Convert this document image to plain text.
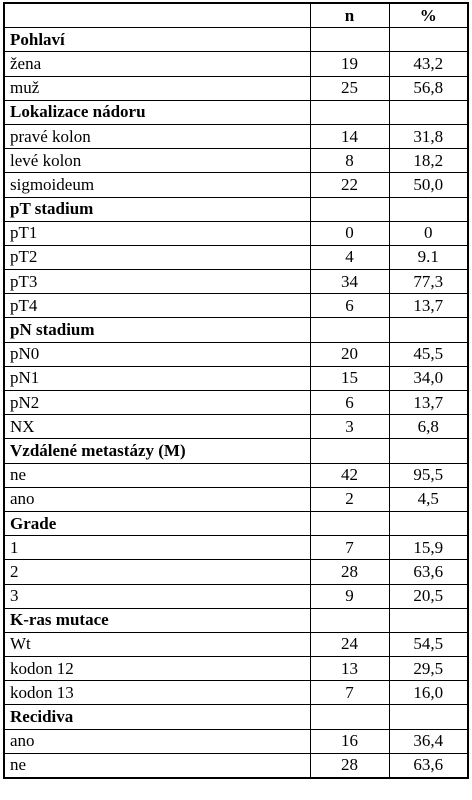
	n	%
Pohlaví		
žena	19	43,2
muž	25	56,8
Lokalizace nádoru		
pravé kolon	14	31,8
levé kolon	8	18,2
sigmoideum	22	50,0
pT stadium		
pT1	0	0
pT2	4	9.1
pT3	34	77,3
pT4	6	13,7
pN stadium		
pN0	20	45,5
pN1	15	34,0
pN2	6	13,7
NX	3	6,8
Vzdálené metastázy (M)		
ne	42	95,5
ano	2	4,5
Grade		
1	7	15,9
2	28	63,6
3	9	20,5
K-ras mutace		
Wt	24	54,5
kodon 12	13	29,5
kodon 13	7	16,0
Recidiva		
ano	16	36,4
ne	28	63,6
